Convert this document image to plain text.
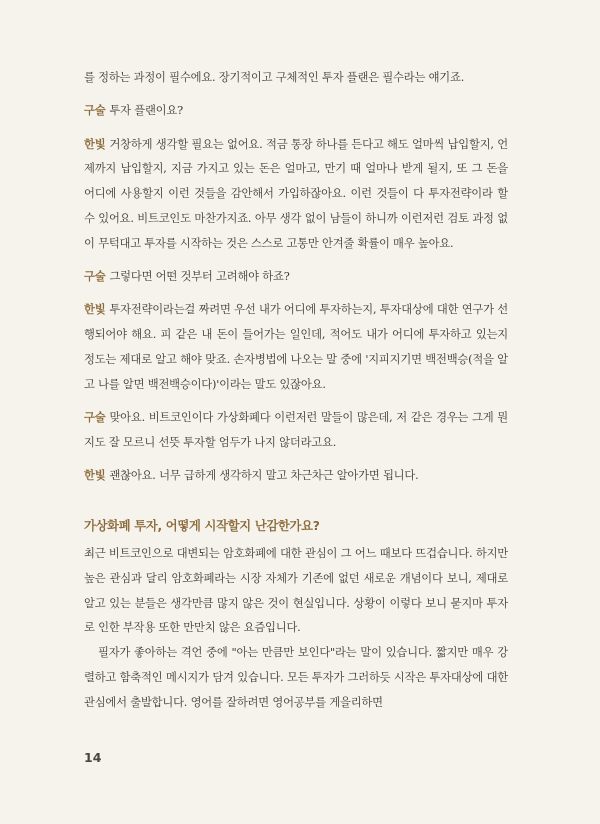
를 정하는 과정이 필수에요. 장기적이고 구체적인 투자 플랜은 필수라는 얘기죠.

구술 투자 플랜이요?

한빛 거창하게 생각할 필요는 없어요. 적금 통장 하나를 든다고 해도 얼마씩 납입할지, 언제까지 납입할지, 지금 가지고 있는 돈은 얼마고, 만기 때 얼마나 받게 될지, 또 그 돈을 어디에 사용할지 이런 것들을 감안해서 가입하잖아요. 이런 것들이 다 투자전략이라 할 수 있어요. 비트코인도 마찬가지죠. 아무 생각 없이 남들이 하니까 이런저런 검토 과정 없이 무턱대고 투자를 시작하는 것은 스스로 고통만 안겨줄 확률이 매우 높아요.

구술 그렇다면 어떤 것부터 고려해야 하죠?

한빛 투자전략이라는걸 짜려면 우선 내가 어디에 투자하는지, 투자대상에 대한 연구가 선행되어야 해요. 피 같은 내 돈이 들어가는 일인데, 적어도 내가 어디에 투자하고 있는지 정도는 제대로 알고 해야 맞죠. 손자병법에 나오는 말 중에 '지피지기면 백전백승(적을 알고 나를 알면 백전백승이다)'이라는 말도 있잖아요.

구술 맞아요. 비트코인이다 가상화폐다 이런저런 말들이 많은데, 저 같은 경우는 그게 뭔지도 잘 모르니 선뜻 투자할 엄두가 나지 않더라고요.

한빛 괜찮아요. 너무 급하게 생각하지 말고 차근차근 알아가면 됩니다.

가상화폐 투자, 어떻게 시작할지 난감한가요?

최근 비트코인으로 대변되는 암호화폐에 대한 관심이 그 어느 때보다 뜨겁습니다. 하지만 높은 관심과 달리 암호화폐라는 시장 자체가 기존에 없던 새로운 개념이다 보니, 제대로 알고 있는 분들은 생각만큼 많지 않은 것이 현실입니다. 상황이 이렇다 보니 묻지마 투자로 인한 부작용 또한 만만치 않은 요즘입니다.

필자가 좋아하는 격언 중에 "아는 만큼만 보인다"라는 말이 있습니다. 짧지만 매우 강렬하고 함축적인 메시지가 담겨 있습니다. 모든 투자가 그러하듯 시작은 투자대상에 대한 관심에서 출발합니다. 영어를 잘하려면 영어공부를 게을리하면

14
